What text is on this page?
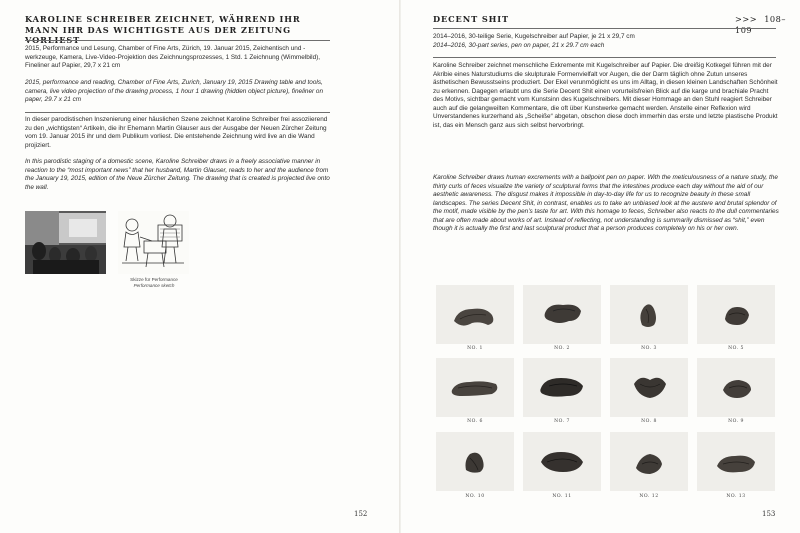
KAROLINE SCHREIBER ZEICHNET, WÄHREND IHR MANN IHR DAS WICHTIGSTE AUS DER ZEITUNG VORLIEST
2015, Performance und Lesung, Chamber of Fine Arts, Zürich, 19. Januar 2015, Zeichentisch und -werkzeuge, Kamera, Live-Video-Projektion des Zeichnungsprozesses, 1 Std. 1 Zeichnung (Wimmelbild), Fineliner auf Papier, 29,7 x 21 cm
2015, performance and reading, Chamber of Fine Arts, Zurich, January 19, 2015 Drawing table and tools, camera, live video projection of the drawing process, 1 hour 1 drawing (hidden object picture), fineliner on paper, 29.7 x 21 cm
In dieser parodistischen Inszenierung einer häuslichen Szene zeichnet Karoline Schreiber frei assoziierend zu den „wichtigsten“ Artikeln, die ihr Ehemann Martin Glauser aus der Ausgabe der Neuen Zürcher Zeitung vom 19. Januar 2015 ihr und dem Publikum vorliest. Die entstehende Zeichnung wird live an die Wand projiziert.
In this parodistic staging of a domestic scene, Karoline Schreiber draws in a freely associative manner in reaction to the “most important news” that her husband, Martin Glauser, reads to her and the audience from the January 19, 2015, edition of the Neue Zürcher Zeitung. The drawing that is created is projected live onto the wall.
Skizze für Performance
Performance sketch
152
DECENT SHIT	>>> 108–109
2014–2016, 30-teilige Serie, Kugelschreiber auf Papier, je 21 x 29,7 cm
2014–2016, 30-part series, pen on paper, 21 x 29.7 cm each
Karoline Schreiber zeichnet menschliche Exkremente mit Kugelschreiber auf Papier. Die dreißig Kotkegel führen mit der Akribie eines Naturstudiums die skulpturale Formenvielfalt vor Augen, die der Darm täglich ohne Zutun unseres ästhetischen Bewusstseins produziert. Der Ekel verunmöglicht es uns im Alltag, in diesen kleinen Landschaften Schönheit zu erkennen. Dagegen erlaubt uns die Serie Decent Shit einen vorurteilsfreien Blick auf die karge und brachiale Pracht des Motivs, sichtbar gemacht vom Kunstsinn des Kugelschreibers. Mit dieser Hommage an den Stuhl reagiert Schreiber auch auf die gelangweilten Kommentare, die oft über Kunstwerke gemacht werden. Anstelle einer Reflexion wird Unverstandenes kurzerhand als „Scheiße“ abgetan, obschon diese doch immerhin das erste und letzte plastische Produkt ist, das ein Mensch ganz aus sich selbst hervorbringt.
Karoline Schreiber draws human excrements with a ballpoint pen on paper. With the meticulousness of a nature study, the thirty curls of feces visualize the variety of sculptural forms that the intestines produce each day without the aid of our aesthetic awareness. The disgust makes it impossible in day-to-day life for us to recognize beauty in these small landscapes. The series Decent Shit, in contrast, enables us to take an unbiased look at the austere and brutal splendor of the motif, made visible by the pen’s taste for art. With this homage to feces, Schreiber also reacts to the dull commentaries that are often made about works of art. Instead of reflecting, not understanding is summarily dismissed as “shit,” even though it is actually the first and last sculptural product that a person produces completely on his or her own.
NO. 1	NO. 2	NO. 3	NO. 5
NO. 6	NO. 7	NO. 8	NO. 9
NO. 10	NO. 11	NO. 12	NO. 13
153
